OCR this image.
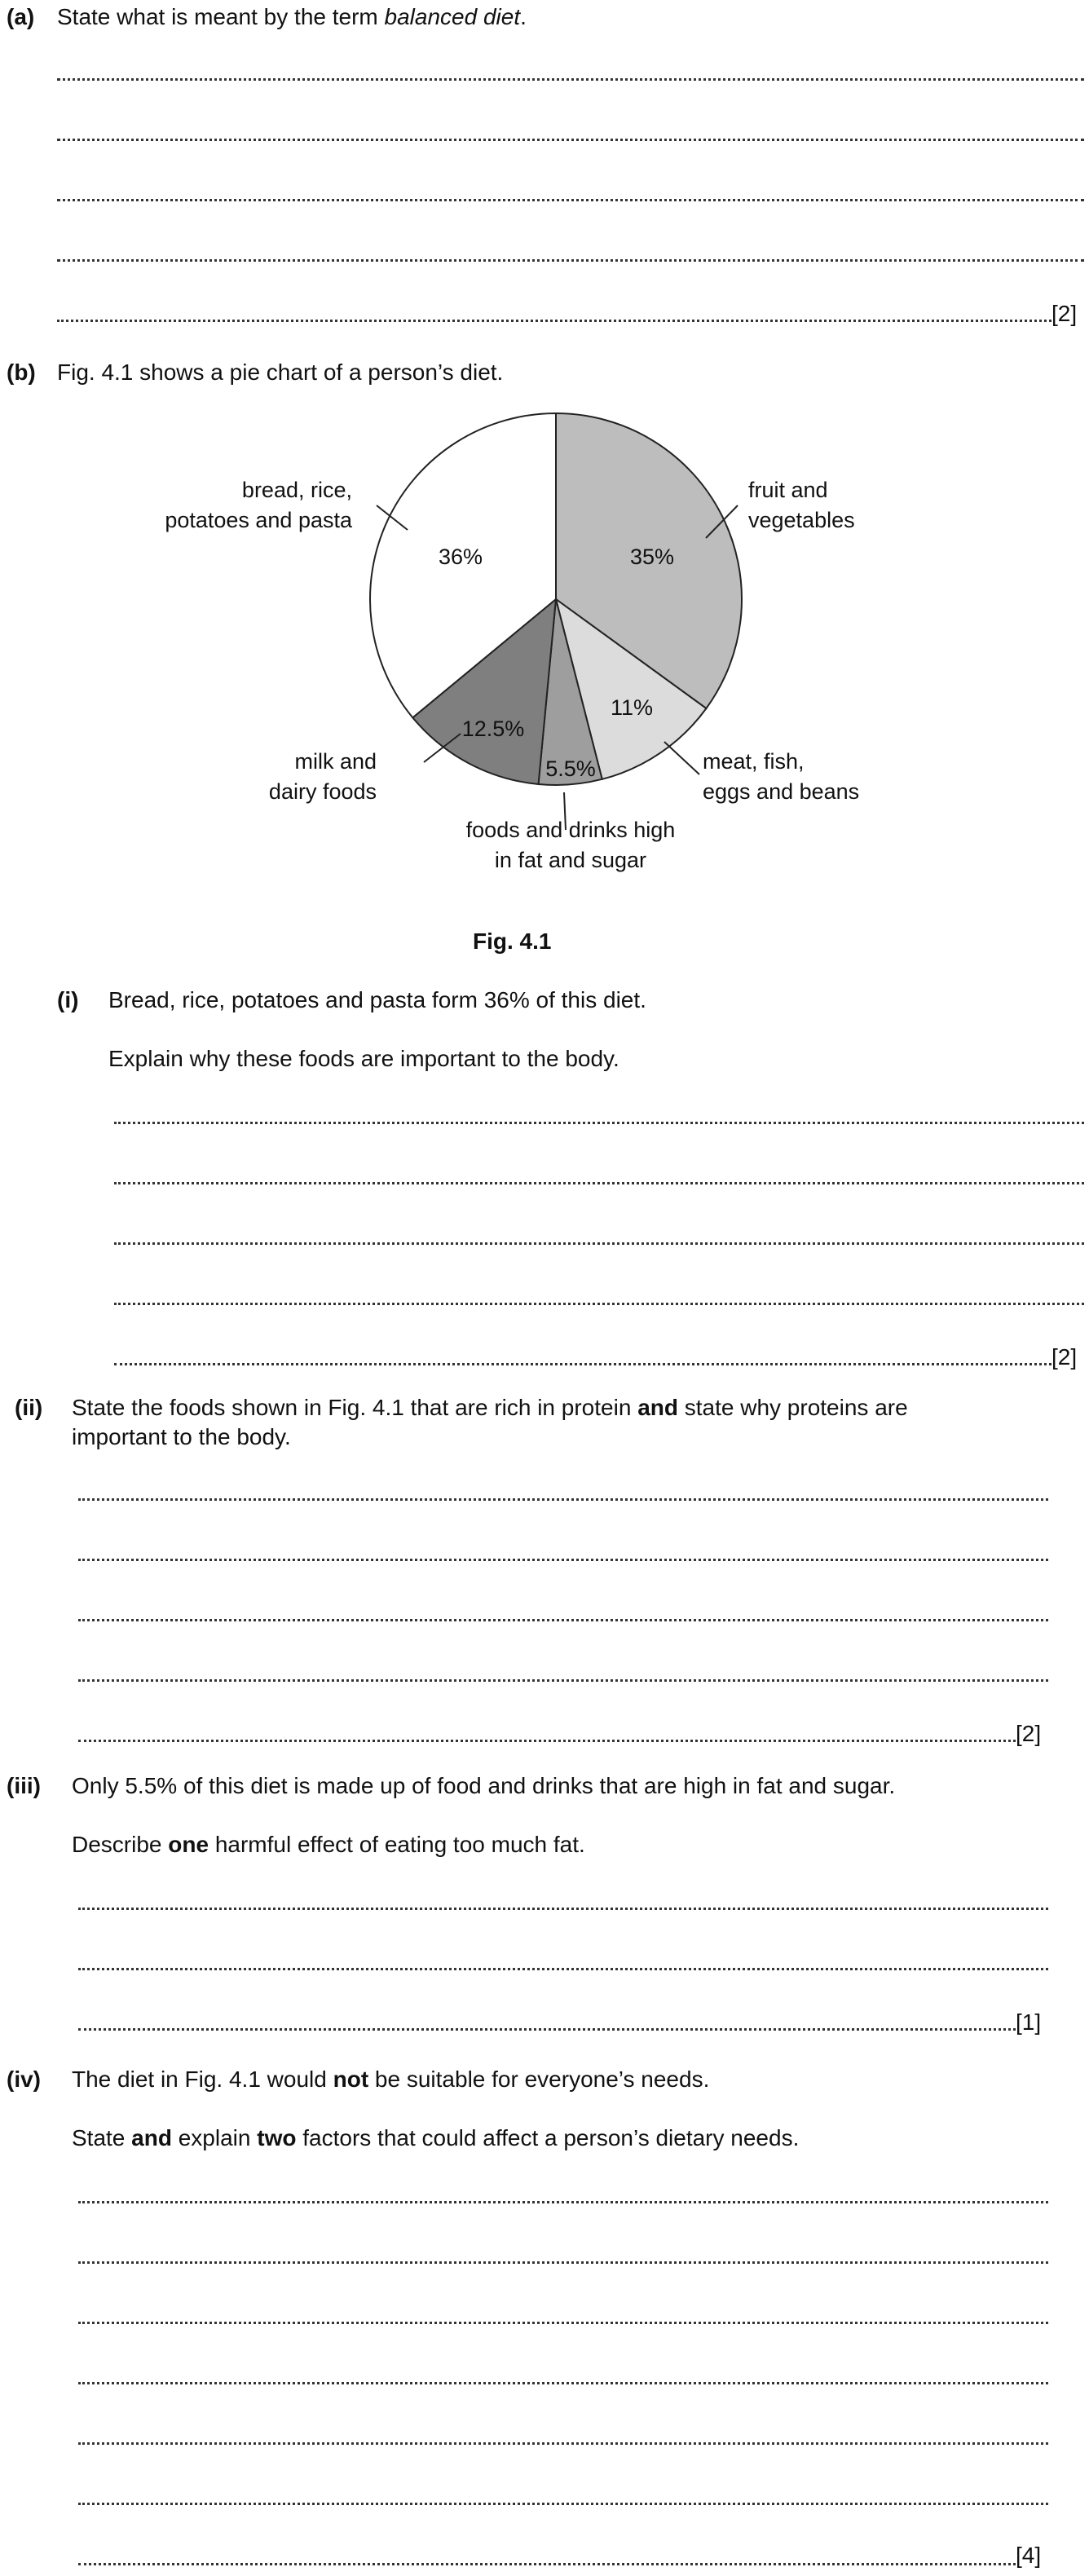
(a) State what is meant by the term balanced diet.
[2]
(b) Fig. 4.1 shows a pie chart of a person’s diet.
35%
11%
5.5%
12.5%
36%
fruit and
vegetables
meat, fish,
eggs and beans
foods and drinks high
in fat and sugar
milk and
dairy foods
bread, rice,
potatoes and pasta
Fig. 4.1
(i) Bread, rice, potatoes and pasta form 36% of this diet.
Explain why these foods are important to the body.
[2]
(ii) State the foods shown in Fig. 4.1 that are rich in protein and state why proteins are
important to the body.
[2]
(iii) Only 5.5% of this diet is made up of food and drinks that are high in fat and sugar.
Describe one harmful effect of eating too much fat.
[1]
(iv) The diet in Fig. 4.1 would not be suitable for everyone’s needs.
State and explain two factors that could affect a person’s dietary needs.
[4]
